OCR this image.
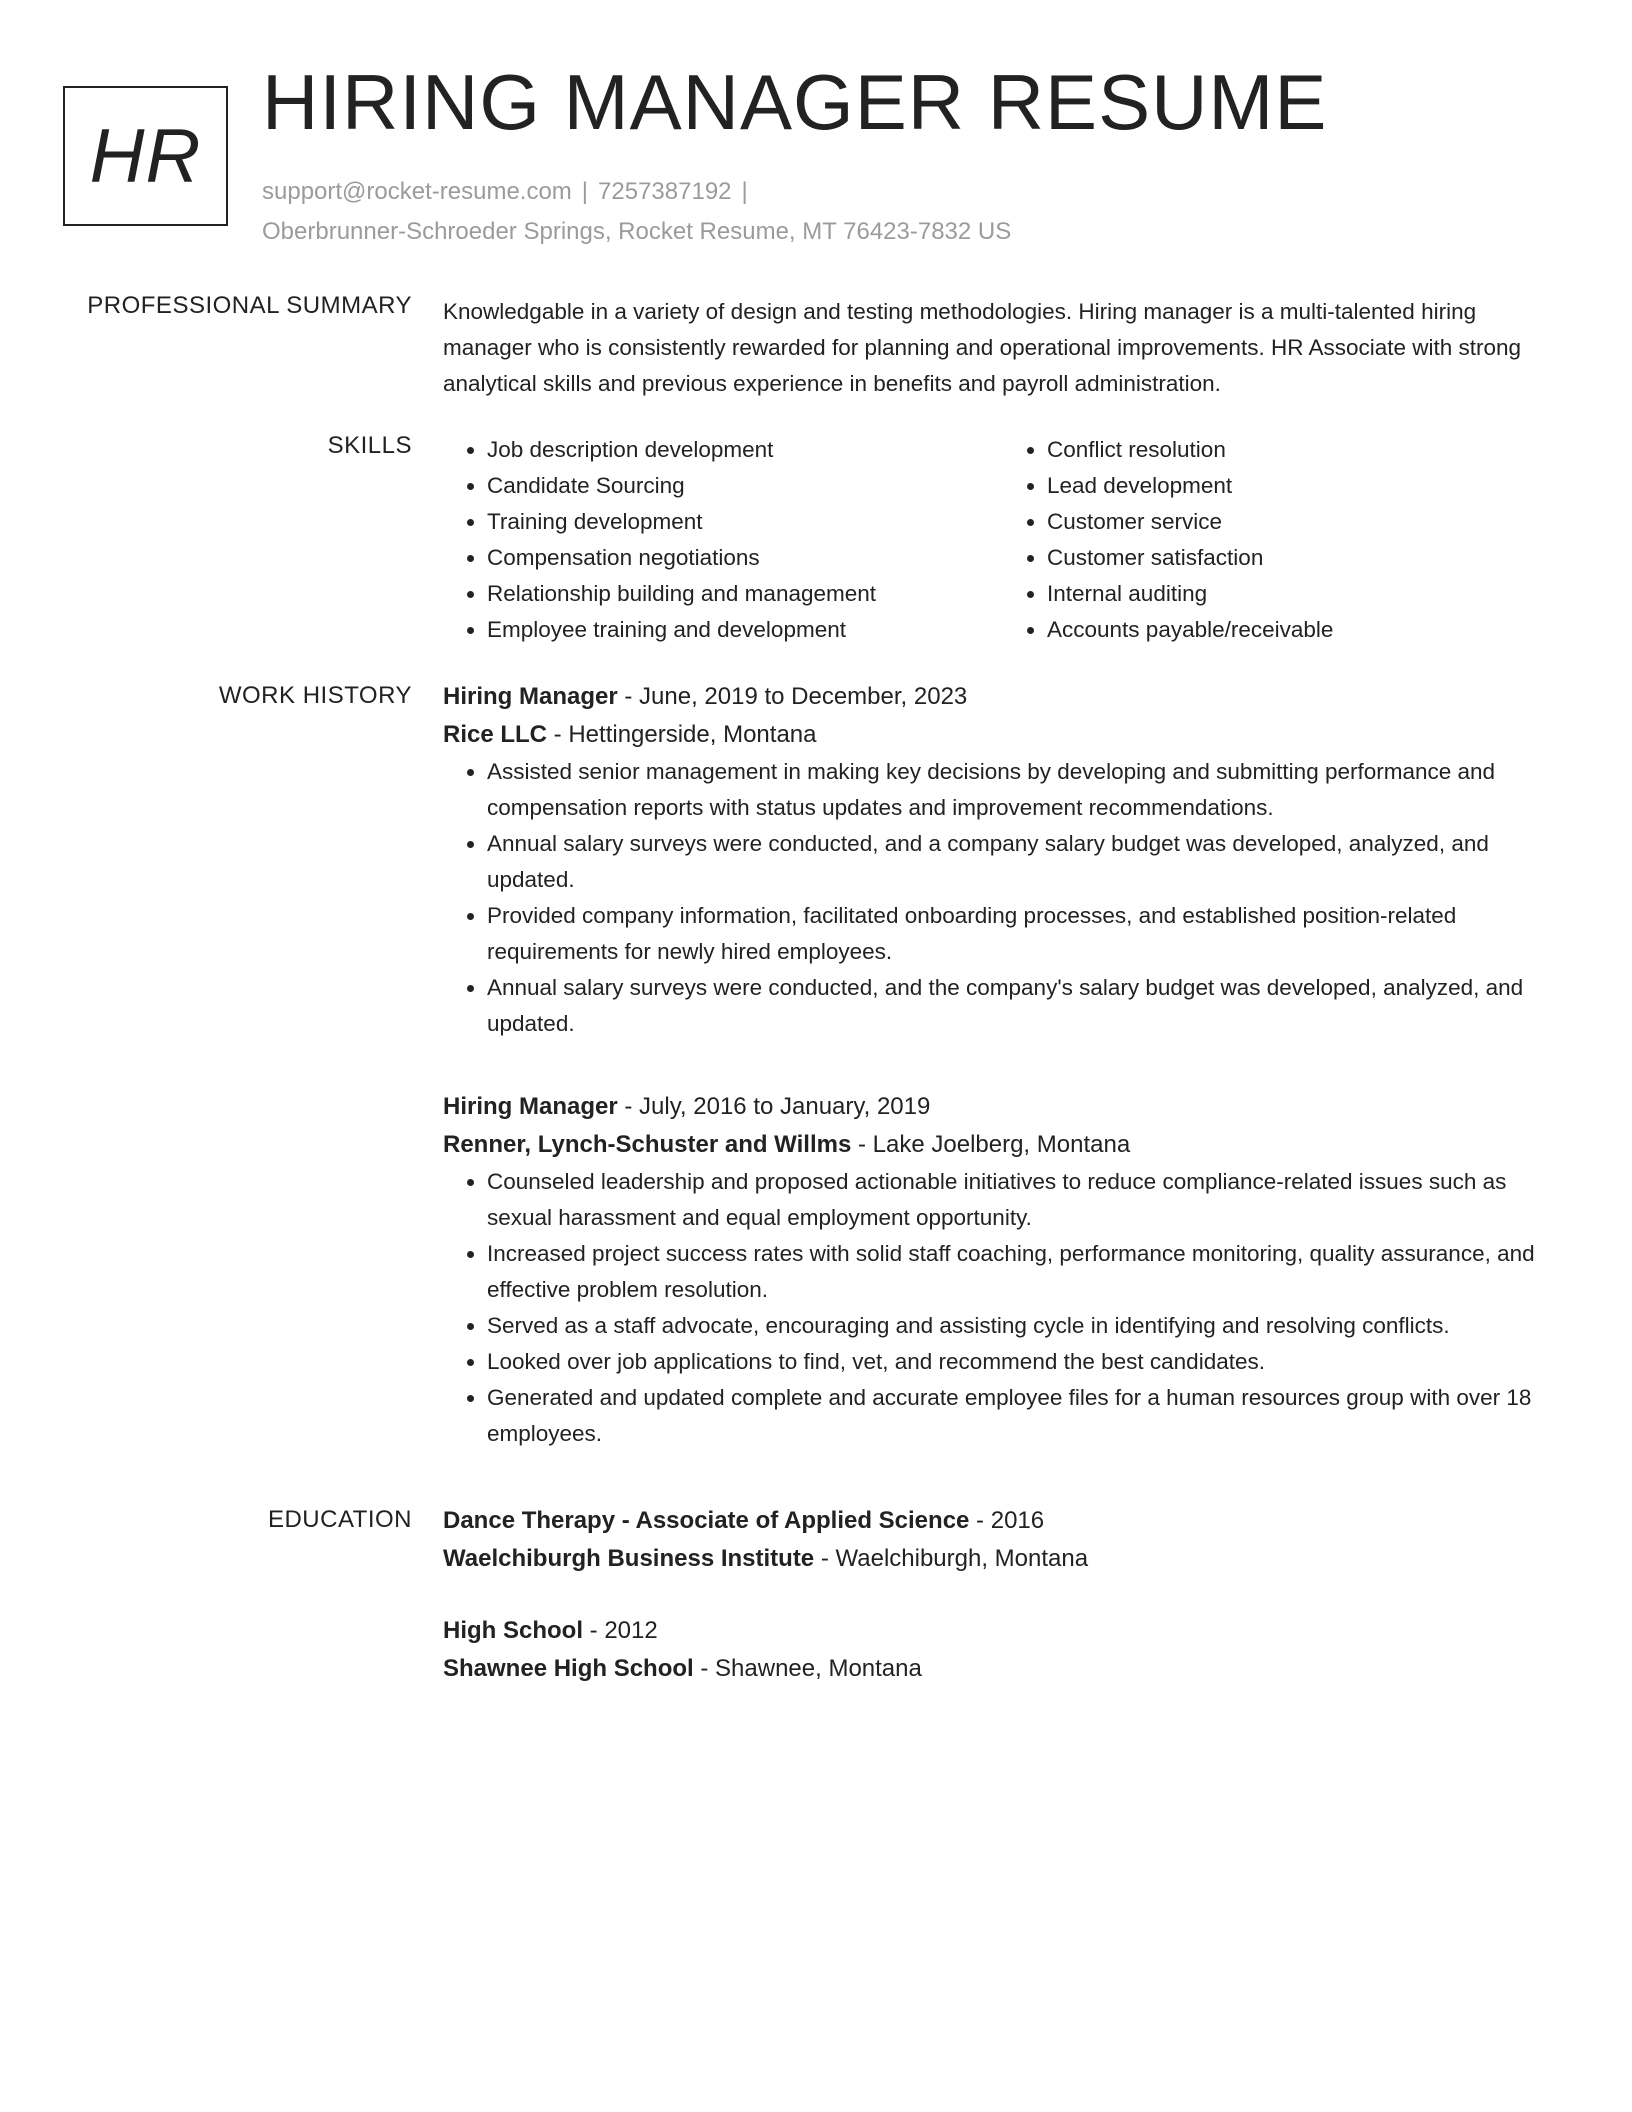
HR
HIRING MANAGER RESUME
support@rocket-resume.com | 7257387192 |
Oberbrunner-Schroeder Springs, Rocket Resume, MT 76423-7832 US
PROFESSIONAL SUMMARY Knowledgable in a variety of design and testing methodologies. Hiring manager is a multi-talented hiring manager who is consistently rewarded for planning and operational improvements. HR Associate with strong analytical skills and previous experience in benefits and payroll administration.

SKILLS
•	Job description development
• Candidate Sourcing
• Training development
• Compensation negotiations
• Relationship building and management
• Employee training and development
• Conflict resolution
• Lead development
• Customer service
• Customer satisfaction
• Internal auditing
• Accounts payable/receivable
WORK HISTORY Hiring Manager - June, 2019 to December, 2023
Rice LLC - Hettingerside, Montana
• Assisted senior management in making key decisions by developing and submitting performance and compensation reports with status updates and improvement recommendations.
• Annual salary surveys were conducted, and a company salary budget was developed, analyzed, and updated.
• Provided company information, facilitated onboarding processes, and established position-related requirements for newly hired employees.
• Annual salary surveys were conducted, and the company's salary budget was developed, analyzed, and updated.
Hiring Manager - July, 2016 to January, 2019
Renner, Lynch-Schuster and Willms - Lake Joelberg, Montana
• Counseled leadership and proposed actionable initiatives to reduce compliance-related issues such as sexual harassment and equal employment opportunity.
• Increased project success rates with solid staff coaching, performance monitoring, quality assurance, and effective problem resolution.
• Served as a staff advocate, encouraging and assisting cycle in identifying and resolving conflicts.
• Looked over job applications to find, vet, and recommend the best candidates.
• Generated and updated complete and accurate employee files for a human resources group with over 18 employees.
EDUCATION Dance Therapy - Associate of Applied Science - 2016
Waelchiburgh Business Institute - Waelchiburgh, Montana
High School - 2012
Shawnee High School - Shawnee, Montana
